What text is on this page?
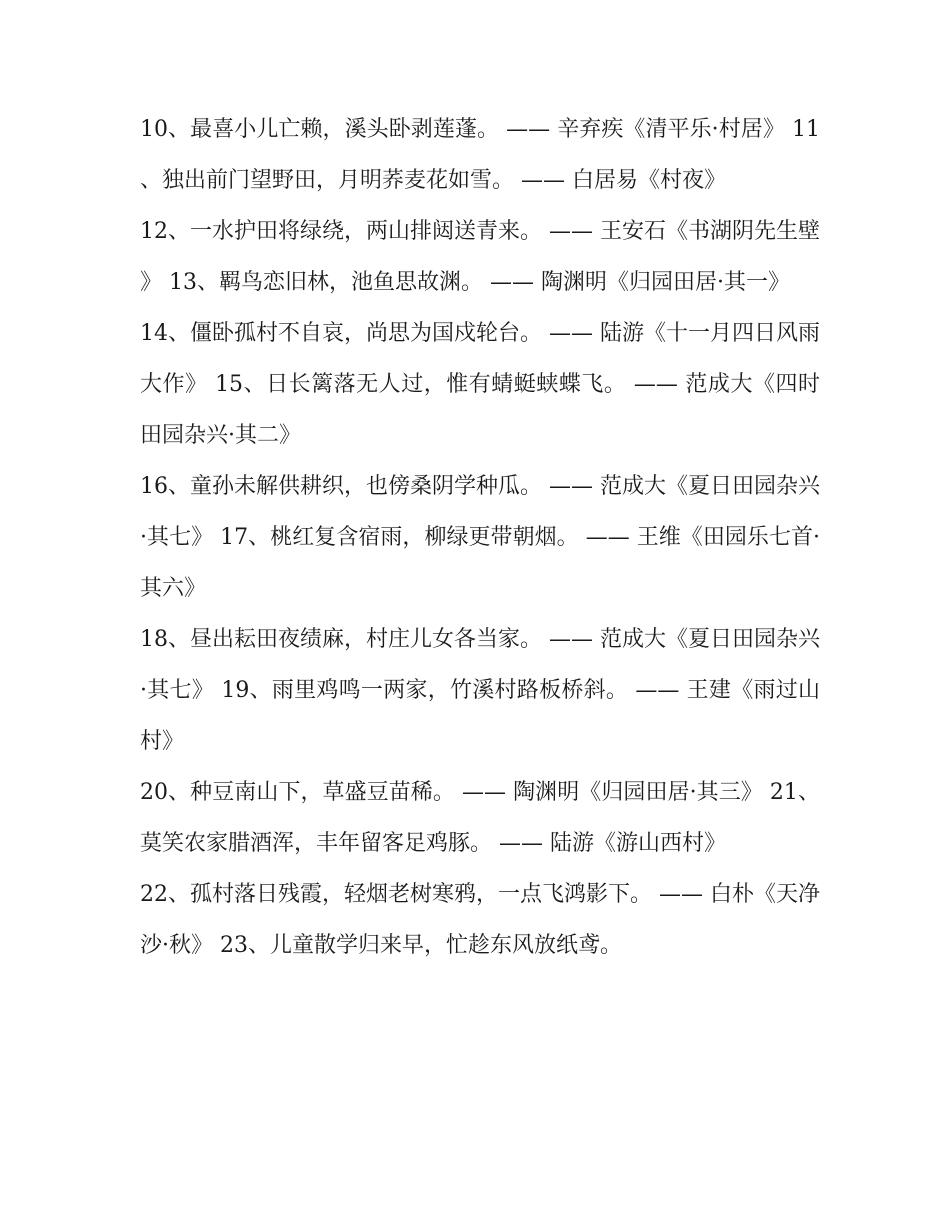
10、最喜小儿亡赖，溪头卧剥莲蓬。 —— 辛弃疾《清平乐·村居》 11、独出前门望野田，月明荞麦花如雪。 —— 白居易《村夜》

12、一水护田将绿绕，两山排闼送青来。 —— 王安石《书湖阴先生壁》 13、羁鸟恋旧林，池鱼思故渊。 —— 陶渊明《归园田居·其一》

14、僵卧孤村不自哀，尚思为国戍轮台。 —— 陆游《十一月四日风雨大作》 15、日长篱落无人过，惟有蜻蜓蛱蝶飞。 —— 范成大《四时田园杂兴·其二》

16、童孙未解供耕织，也傍桑阴学种瓜。 —— 范成大《夏日田园杂兴·其七》 17、桃红复含宿雨，柳绿更带朝烟。 —— 王维《田园乐七首·其六》

18、昼出耘田夜绩麻，村庄儿女各当家。 —— 范成大《夏日田园杂兴·其七》 19、雨里鸡鸣一两家，竹溪村路板桥斜。 —— 王建《雨过山村》

20、种豆南山下，草盛豆苗稀。 —— 陶渊明《归园田居·其三》 21、莫笑农家腊酒浑，丰年留客足鸡豚。 —— 陆游《游山西村》

22、孤村落日残霞，轻烟老树寒鸦，一点飞鸿影下。 —— 白朴《天净沙·秋》 23、儿童散学归来早，忙趁东风放纸鸢。
